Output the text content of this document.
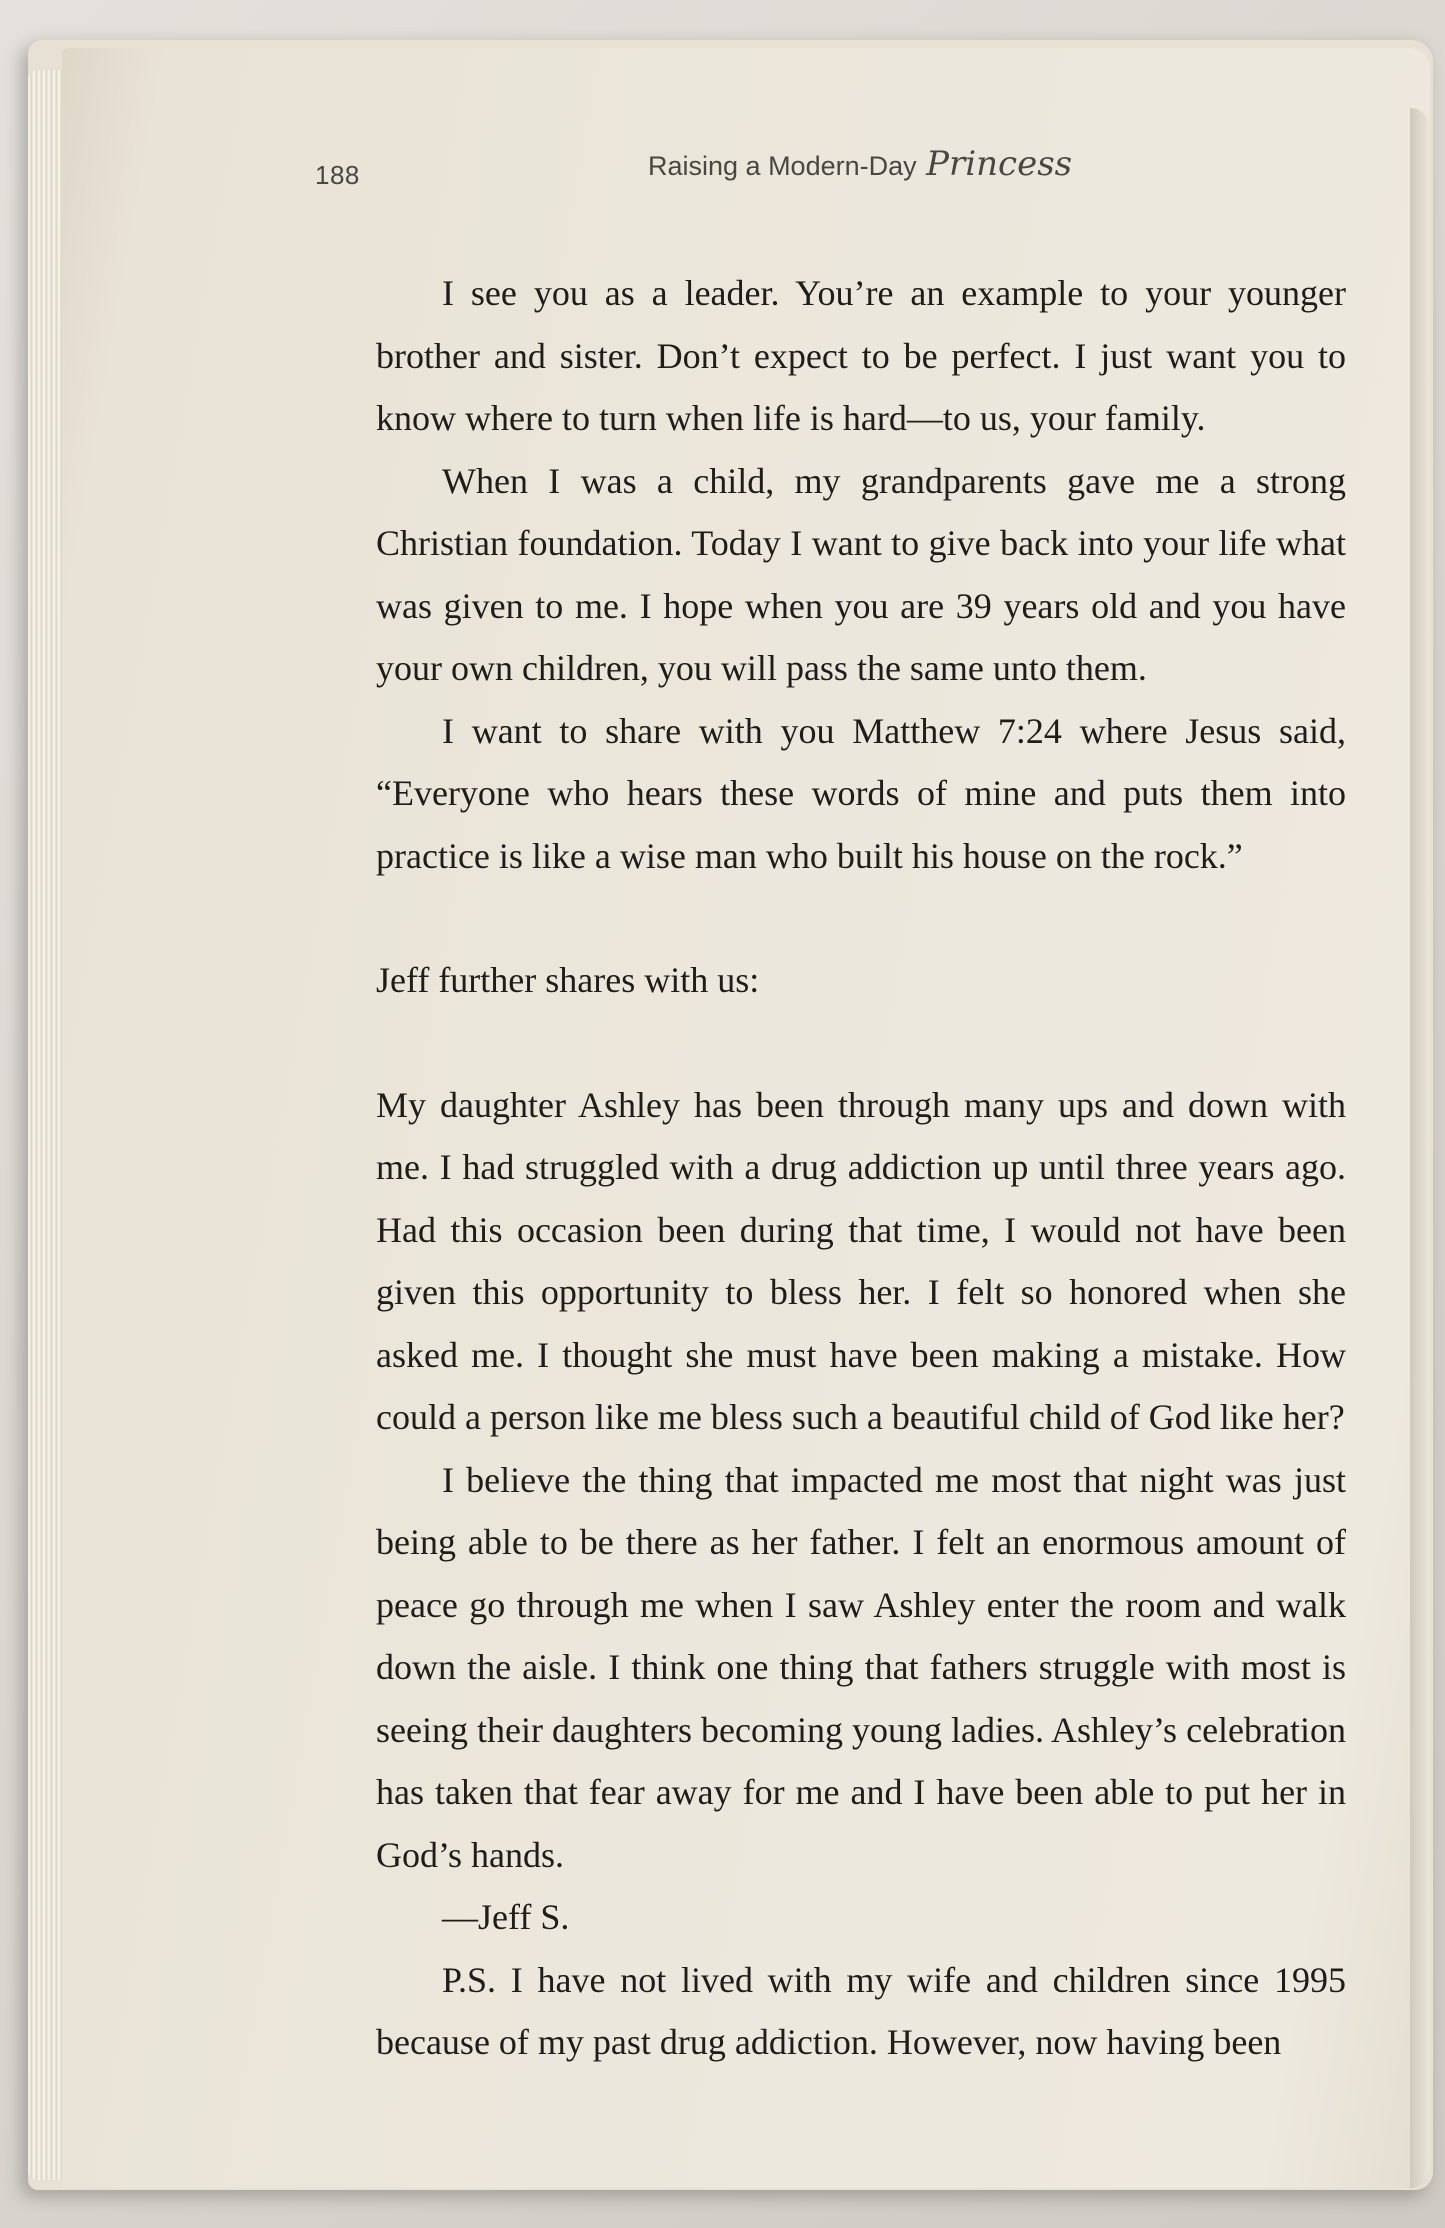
188	Raising a Modern-Day Princess

I see you as a leader. You’re an example to your younger brother and sister. Don’t expect to be perfect. I just want you to know where to turn when life is hard—to us, your family.

When I was a child, my grandparents gave me a strong Christian foundation. Today I want to give back into your life what was given to me. I hope when you are 39 years old and you have your own children, you will pass the same unto them.

I want to share with you Matthew 7:24 where Jesus said, “Everyone who hears these words of mine and puts them into practice is like a wise man who built his house on the rock.”

Jeff further shares with us:

My daughter Ashley has been through many ups and down with me. I had struggled with a drug addiction up until three years ago. Had this occasion been during that time, I would not have been given this opportunity to bless her. I felt so honored when she asked me. I thought she must have been making a mistake. How could a person like me bless such a beautiful child of God like her?

I believe the thing that impacted me most that night was just being able to be there as her father. I felt an enormous amount of peace go through me when I saw Ashley enter the room and walk down the aisle. I think one thing that fathers struggle with most is seeing their daughters becoming young ladies. Ashley’s celebration has taken that fear away for me and I have been able to put her in God’s hands.

—Jeff S.

P.S. I have not lived with my wife and children since 1995 because of my past drug addiction. However, now having been
